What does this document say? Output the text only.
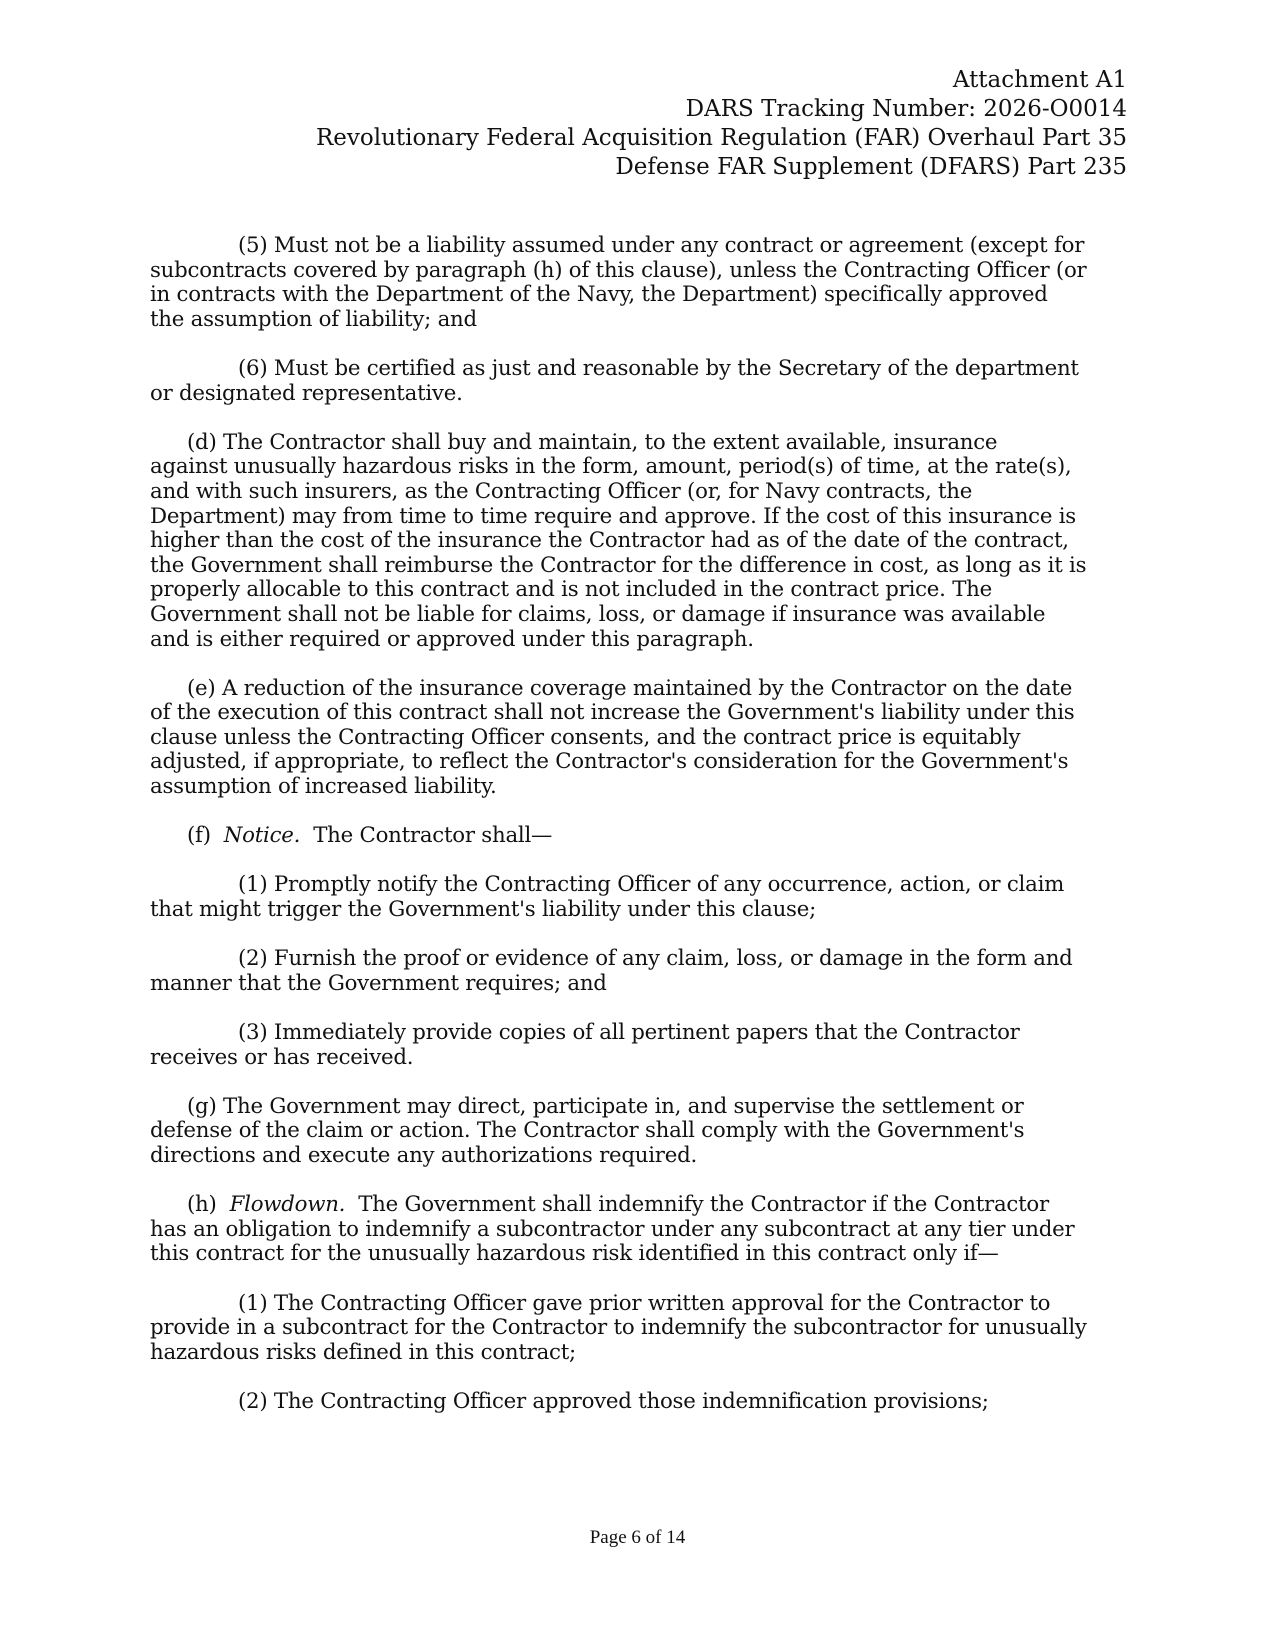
Attachment A1
DARS Tracking Number: 2026-O0014
Revolutionary Federal Acquisition Regulation (FAR) Overhaul Part 35
Defense FAR Supplement (DFARS) Part 235
(5) Must not be a liability assumed under any contract or agreement (except for
subcontracts covered by paragraph (h) of this clause), unless the Contracting Officer (or
in contracts with the Department of the Navy, the Department) specifically approved
the assumption of liability; and
(6) Must be certified as just and reasonable by the Secretary of the department
or designated representative.
(d) The Contractor shall buy and maintain, to the extent available, insurance
against unusually hazardous risks in the form, amount, period(s) of time, at the rate(s),
and with such insurers, as the Contracting Officer (or, for Navy contracts, the
Department) may from time to time require and approve. If the cost of this insurance is
higher than the cost of the insurance the Contractor had as of the date of the contract,
the Government shall reimburse the Contractor for the difference in cost, as long as it is
properly allocable to this contract and is not included in the contract price. The
Government shall not be liable for claims, loss, or damage if insurance was available
and is either required or approved under this paragraph.
(e) A reduction of the insurance coverage maintained by the Contractor on the date
of the execution of this contract shall not increase the Government's liability under this
clause unless the Contracting Officer consents, and the contract price is equitably
adjusted, if appropriate, to reflect the Contractor's consideration for the Government's
assumption of increased liability.
(f)  Notice.  The Contractor shall—
(1) Promptly notify the Contracting Officer of any occurrence, action, or claim
that might trigger the Government's liability under this clause;
(2) Furnish the proof or evidence of any claim, loss, or damage in the form and
manner that the Government requires; and
(3) Immediately provide copies of all pertinent papers that the Contractor
receives or has received.
(g) The Government may direct, participate in, and supervise the settlement or
defense of the claim or action. The Contractor shall comply with the Government's
directions and execute any authorizations required.
(h)  Flowdown.  The Government shall indemnify the Contractor if the Contractor
has an obligation to indemnify a subcontractor under any subcontract at any tier under
this contract for the unusually hazardous risk identified in this contract only if—
(1) The Contracting Officer gave prior written approval for the Contractor to
provide in a subcontract for the Contractor to indemnify the subcontractor for unusually
hazardous risks defined in this contract;
(2) The Contracting Officer approved those indemnification provisions;
Page 6 of 14
